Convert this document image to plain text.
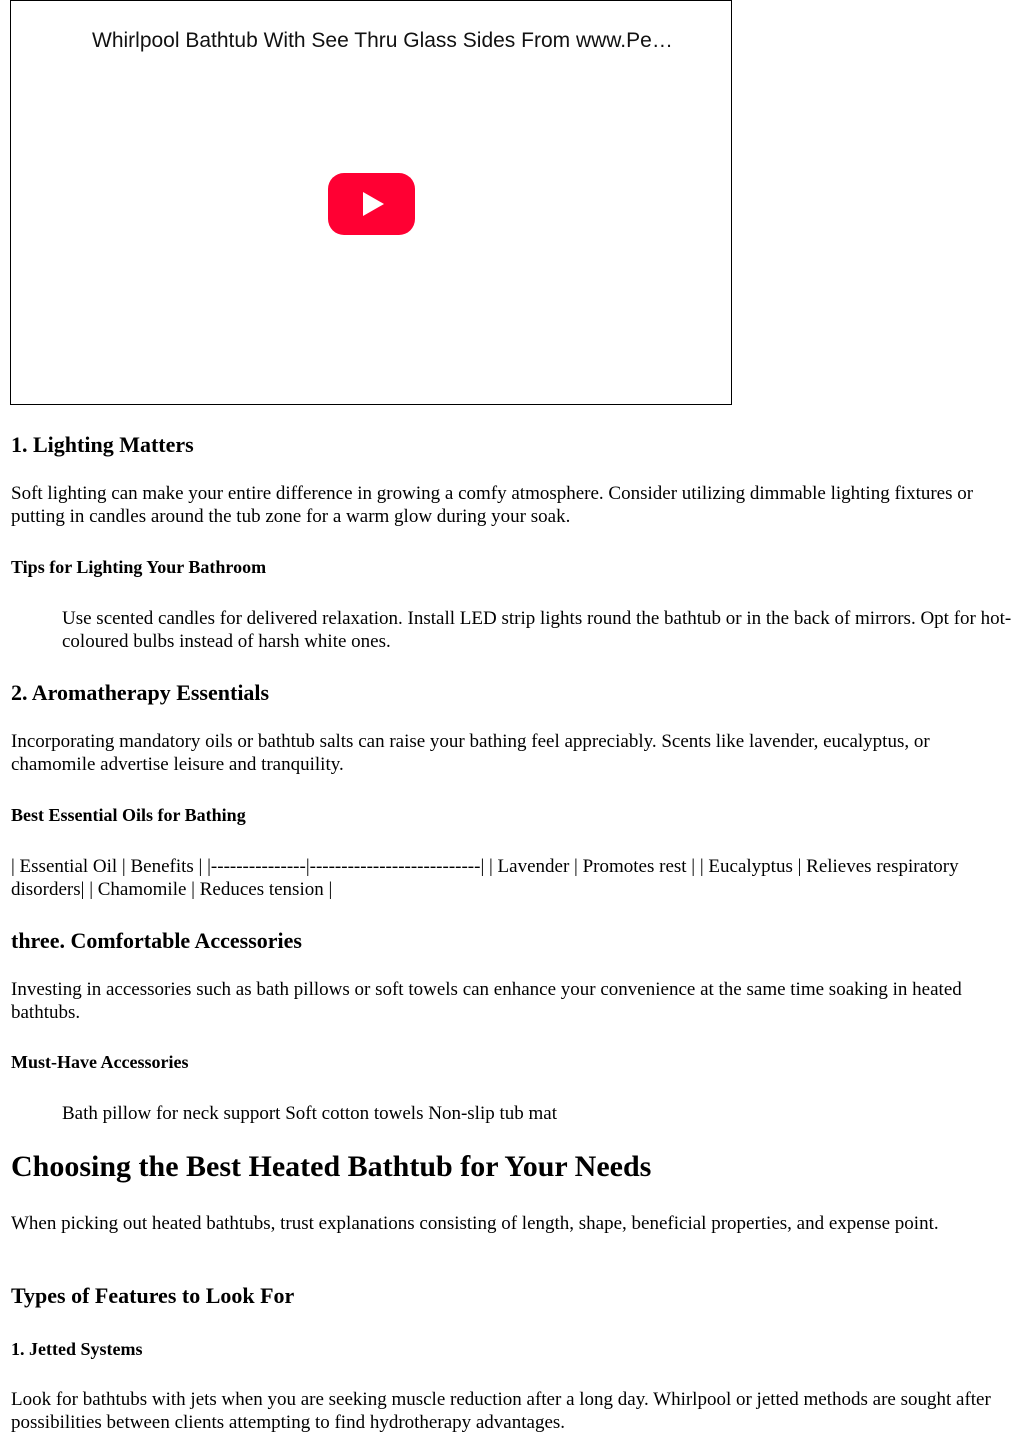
Whirlpool Bathtub With See Thru Glass Sides From www.Pe…
1. Lighting Matters

Soft lighting can make your entire difference in growing a comfy atmosphere. Consider utilizing dimmable lighting fixtures or putting in candles around the tub zone for a warm glow during your soak.

Tips for Lighting Your Bathroom

Use scented candles for delivered relaxation. Install LED strip lights round the bathtub or in the back of mirrors. Opt for hot-coloured bulbs instead of harsh white ones.

2. Aromatherapy Essentials

Incorporating mandatory oils or bathtub salts can raise your bathing feel appreciably. Scents like lavender, eucalyptus, or chamomile advertise leisure and tranquility.

Best Essential Oils for Bathing

| Essential Oil | Benefits | |---------------|---------------------------| | Lavender | Promotes rest | | Eucalyptus | Relieves respiratory disorders| | Chamomile | Reduces tension |

three. Comfortable Accessories

Investing in accessories such as bath pillows or soft towels can enhance your convenience at the same time soaking in heated bathtubs.

Must-Have Accessories

Bath pillow for neck support Soft cotton towels Non-slip tub mat

Choosing the Best Heated Bathtub for Your Needs

When picking out heated bathtubs, trust explanations consisting of length, shape, beneficial properties, and expense point.

Types of Features to Look For
1. Jetted Systems

Look for bathtubs with jets when you are seeking muscle reduction after a long day. Whirlpool or jetted methods are sought after possibilities between clients attempting to find hydrotherapy advantages.
